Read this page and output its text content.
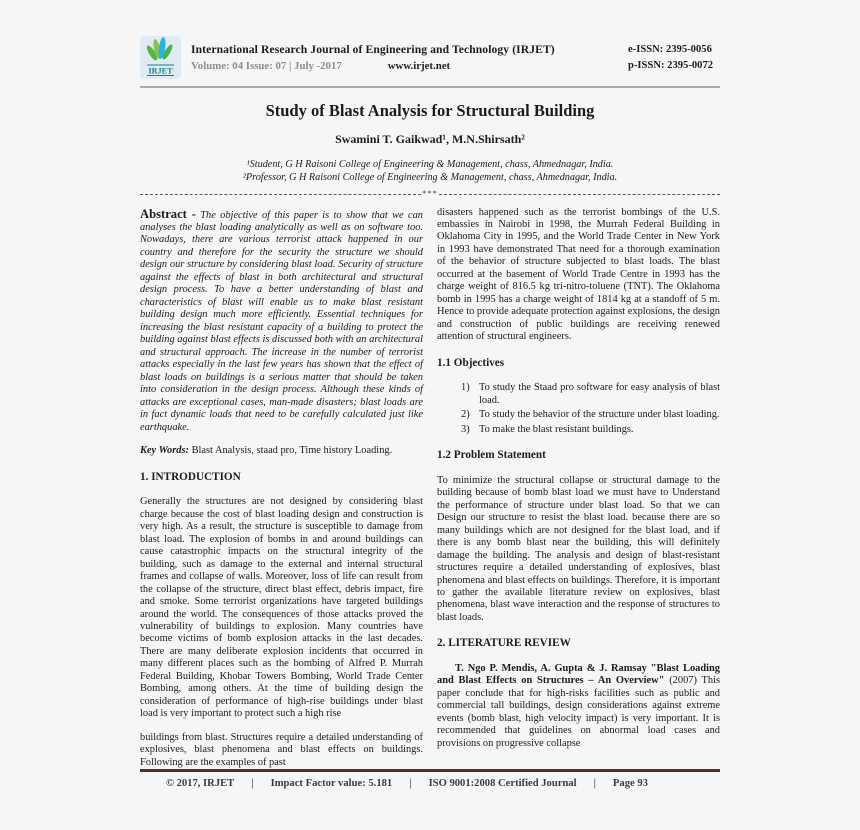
IRJET
International Research Journal of Engineering and Technology (IRJET)
Volume: 04 Issue: 07 | July -2017	www.irjet.net
e-ISSN: 2395-0056
p-ISSN: 2395-0072
Study of Blast Analysis for Structural Building
Swamini T. Gaikwad¹, M.N.Shirsath²
¹Student, G H Raisoni College of Engineering & Management, chass, Ahmednagar, India.
²Professor, G H Raisoni College of Engineering & Management, chass, Ahmednagar, India.
***

Abstract - The objective of this paper is to show that we can analyses the blast loading analytically as well as on software too. Nowadays, there are various terrorist attack happened in our country and therefore for the security the structure we should design our structure by considering blast load. Security of structure against the effects of blast in both architectural and structural design process. To have a better understanding of blast and characteristics of blast will enable us to make blast resistant building design much more efficiently. Essential techniques for increasing the blast resistant capacity of a building to protect the building against blast effects is discussed both with an architectural and structural approach. The increase in the number of terrorist attacks especially in the last few years has shown that the effect of blast loads on buildings is a serious matter that should be taken into consideration in the design process. Although these kinds of attacks are exceptional cases, man-made disasters; blast loads are in fact dynamic loads that need to be carefully calculated just like earthquake.

Key Words: Blast Analysis, staad pro, Time history Loading.

1. INTRODUCTION

Generally the structures are not designed by considering blast charge because the cost of blast loading design and construction is very high. As a result, the structure is susceptible to damage from blast load. The explosion of bombs in and around buildings can cause catastrophic impacts on the structural integrity of the building, such as damage to the external and internal structural frames and collapse of walls. Moreover, loss of life can result from the collapse of the structure, direct blast effect, debris impact, fire and smoke. Some terrorist organizations have targeted buildings around the world. The consequences of those attacks proved the vulnerability of buildings to explosion. Many countries have become victims of bomb explosion attacks in the last decades. There are many deliberate explosion incidents that occurred in many different places such as the bombing of Alfred P. Murrah Federal Building, Khobar Towers Bombing, World Trade Center Bombing, among others. At the time of building design the consideration of performance of high-rise buildings under blast load is very important to protect such a high rise

buildings from blast. Structures require a detailed understanding of explosives, blast phenomena and blast effects on buildings. Following are the examples of past

disasters happened such as the terrorist bombings of the U.S. embassies in Nairobi in 1998, the Murrah Federal Building in Oklahoma City in 1995, and the World Trade Center in New York in 1993 have demonstrated That need for a thorough examination of the behavior of structure subjected to blast loads. The blast occurred at the basement of World Trade Centre in 1993 has the charge weight of 816.5 kg tri-nitro-toluene (TNT). The Oklahoma bomb in 1995 has a charge weight of 1814 kg at a standoff of 5 m. Hence to provide adequate protection against explosions, the design and construction of public buildings are receiving renewed attention of structural engineers.

1.1 Objectives
To study the Staad pro software for easy analysis of blast load.
To study the behavior of the structure under blast loading.
To make the blast resistant buildings.
1.2 Problem Statement

To minimize the structural collapse or structural damage to the building because of bomb blast load we must have to Understand the performance of structure under blast load. So that we can Design our structure to resist the blast load. because there are so many buildings which are not designed for the blast load, and if there is any bomb blast near the building, this will definitely damage the building. The analysis and design of blast-resistant structures require a detailed understanding of explosives, blast phenomena and blast effects on buildings. Therefore, it is important to gather the available literature review on explosives, blast phenomena, blast wave interaction and the response of structures to blast loads.

2. LITERATURE REVIEW

T. Ngo P. Mendis, A. Gupta & J. Ramsay "Blast Loading and Blast Effects on Structures – An Overview" (2007) This paper conclude that for high-risks facilities such as public and commercial tall buildings, design considerations against extreme events (bomb blast, high velocity impact) is very important. It is recommended that guidelines on abnormal load cases and provisions on progressive collapse

© 2017, IRJET | Impact Factor value: 5.181 | ISO 9001:2008 Certified Journal | Page 93
